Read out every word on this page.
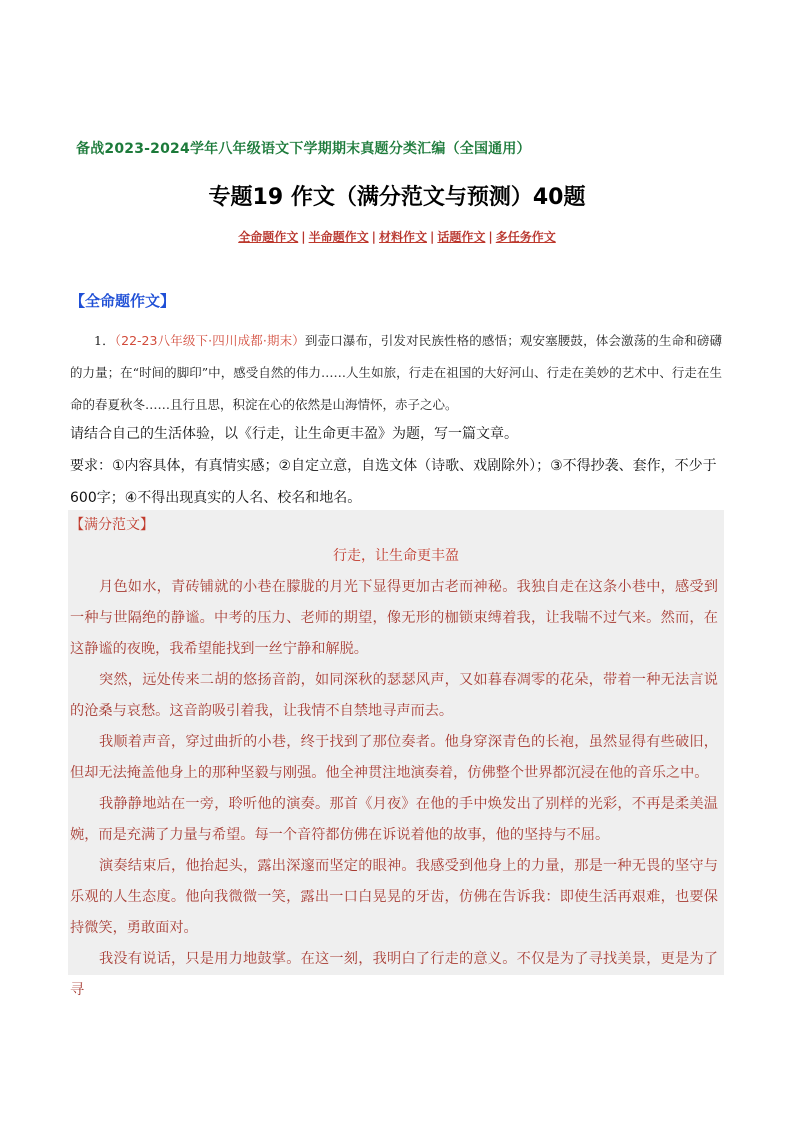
备战2023-2024学年八年级语文下学期期末真题分类汇编（全国通用）
专题19 作文（满分范文与预测）40题
全命题作文 | 半命题作文 | 材料作文 | 话题作文 | 多任务作文
【全命题作文】
1．（22-23八年级下·四川成都·期末）到壶口瀑布，引发对民族性格的感悟；观安塞腰鼓，体会激荡的生命和磅礴的力量；在“时间的脚印”中，感受自然的伟力……人生如旅，行走在祖国的大好河山、行走在美妙的艺术中、行走在生命的春夏秋冬……且行且思，积淀在心的依然是山海情怀，赤子之心。
请结合自己的生活体验，以《行走，让生命更丰盈》为题，写一篇文章。
要求：①内容具体，有真情实感；②自定立意，自选文体（诗歌、戏剧除外）；③不得抄袭、套作，不少于600字；④不得出现真实的人名、校名和地名。
【满分范文】
行走，让生命更丰盈

月色如水，青砖铺就的小巷在朦胧的月光下显得更加古老而神秘。我独自走在这条小巷中，感受到一种与世隔绝的静谧。中考的压力、老师的期望，像无形的枷锁束缚着我，让我喘不过气来。然而，在这静谧的夜晚，我希望能找到一丝宁静和解脱。

突然，远处传来二胡的悠扬音韵，如同深秋的瑟瑟风声，又如暮春凋零的花朵，带着一种无法言说的沧桑与哀愁。这音韵吸引着我，让我情不自禁地寻声而去。

我顺着声音，穿过曲折的小巷，终于找到了那位奏者。他身穿深青色的长袍，虽然显得有些破旧，但却无法掩盖他身上的那种坚毅与刚强。他全神贯注地演奏着，仿佛整个世界都沉浸在他的音乐之中。

我静静地站在一旁，聆听他的演奏。那首《月夜》在他的手中焕发出了别样的光彩，不再是柔美温婉，而是充满了力量与希望。每一个音符都仿佛在诉说着他的故事，他的坚持与不屈。

演奏结束后，他抬起头，露出深邃而坚定的眼神。我感受到他身上的力量，那是一种无畏的坚守与乐观的人生态度。他向我微微一笑，露出一口白晃晃的牙齿，仿佛在告诉我：即使生活再艰难，也要保持微笑，勇敢面对。

我没有说话，只是用力地鼓掌。在这一刻，我明白了行走的意义。不仅是为了寻找美景，更是为了寻
